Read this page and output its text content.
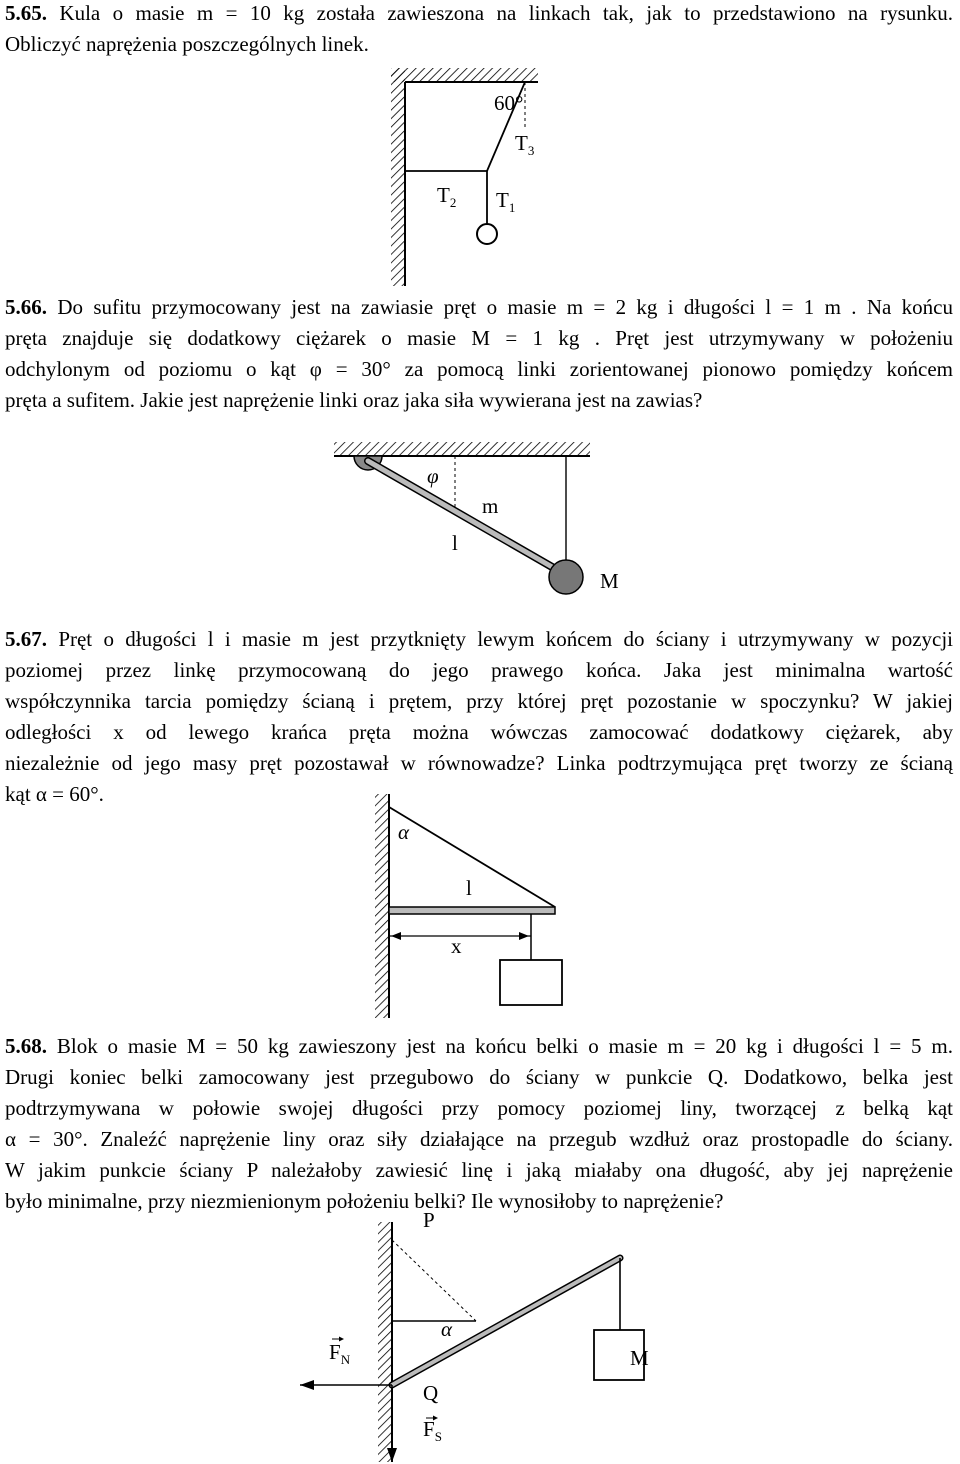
5.65. Kula o masie m = 10 kg została zawieszona na linkach tak, jak to przedstawiono na rysunku.
Obliczyć naprężenia poszczególnych linek.
60°
$T_3$
$T_2$ $T_1$
5.66. Do sufitu przymocowany jest na zawiasie pręt o masie m = 2 kg i długości l = 1 m . Na końcu
pręta znajduje się dodatkowy ciężarek o masie M = 1 kg . Pręt jest utrzymywany w położeniu
odchylonym od poziomu o kąt φ = 30° za pomocą linki zorientowanej pionowo pomiędzy końcem
pręta a sufitem. Jakie jest naprężenie linki oraz jaka siła wywierana jest na zawias?
φ
m
l
M
5.67. Pręt o długości l i masie m jest przytknięty lewym końcem do ściany i utrzymywany w pozycji
poziomej przez linkę przymocowaną do jego prawego końca. Jaka jest minimalna wartość
współczynnika tarcia pomiędzy ścianą i prętem, przy której pręt pozostanie w spoczynku? W jakiej
odległości x od lewego krańca pręta można wówczas zamocować dodatkowy ciężarek, aby
niezależnie od jego masy pręt pozostawał w równowadze? Linka podtrzymująca pręt tworzy ze ścianą
kąt α = 60°.
α
l
x
5.68. Blok o masie M = 50 kg zawieszony jest na końcu belki o masie m = 20 kg i długości l = 5 m.
Drugi koniec belki zamocowany jest przegubowo do ściany w punkcie Q. Dodatkowo, belka jest
podtrzymywana w połowie swojej długości przy pomocy poziomej liny, tworzącej z belką kąt
α = 30°. Znaleźć naprężenie liny oraz siły działające na przegub wzdłuż oraz prostopadle do ściany.
W jakim punkcie ściany P należałoby zawiesić linę i jaką miałaby ona długość, aby jej naprężenie
było minimalne, przy niezmienionym położeniu belki? Ile wynosiłoby to naprężenie?
P
α
M
Q
$F_N$
$F_S$
